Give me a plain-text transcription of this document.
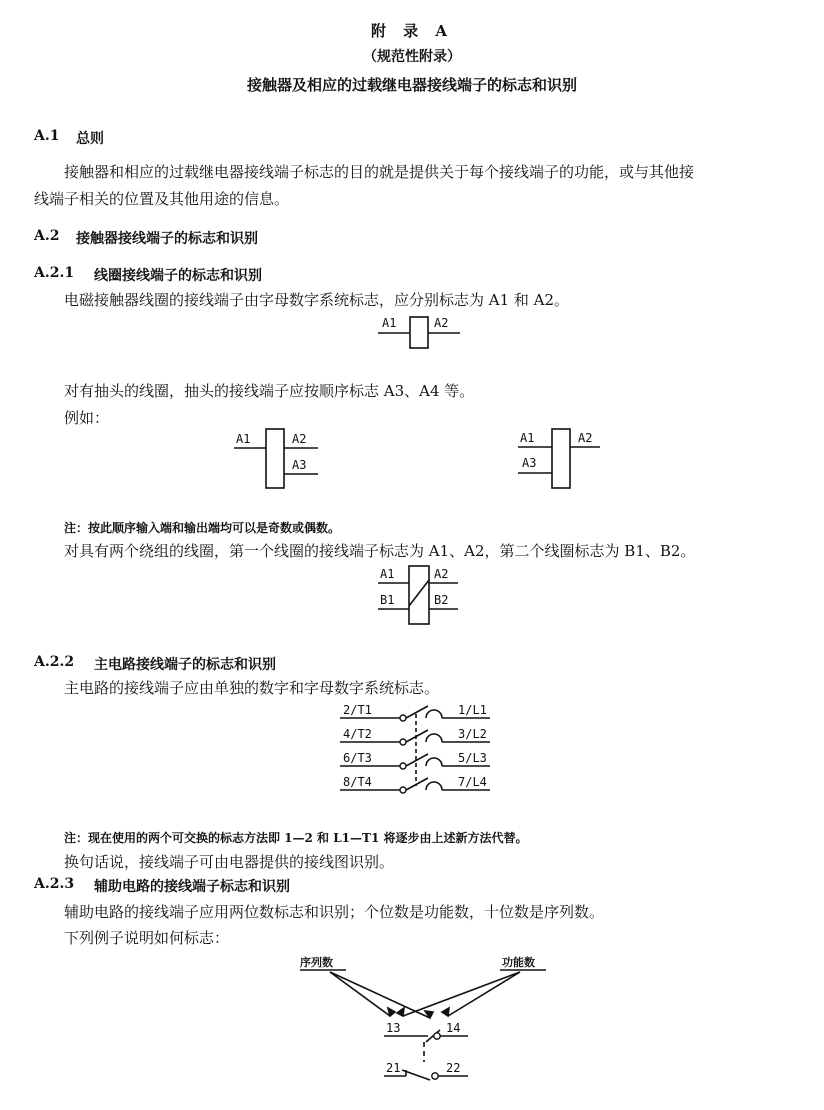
附 录 A
（规范性附录）
接触器及相应的过载继电器接线端子的标志和识别
A.1 总则
接触器和相应的过载继电器接线端子标志的目的就是提供关于每个接线端子的功能，或与其他接
线端子相关的位置及其他用途的信息。
A.2 接触器接线端子的标志和识别
A.2.1 线圈接线端子的标志和识别
电磁接触器线圈的接线端子由字母数字系统标志，应分别标志为 A1 和 A2。
A1	A2
对有抽头的线圈，抽头的接线端子应按顺序标志 A3、A4 等。
例如：
A1	A2
A3
A1
A3
A2
注：按此顺序输入端和输出端均可以是奇数或偶数。
对具有两个绕组的线圈，第一个线圈的接线端子标志为 A1、A2，第二个线圈标志为 B1、B2。
A1	A2
B1	B2
A.2.2 主电路接线端子的标志和识别
主电路的接线端子应由单独的数字和字母数字系统标志。
2/T1	1/L1
4/T2	3/L2
6/T3	5/L3
8/T4	7/L4
注：现在使用的两个可交换的标志方法即 1—2 和 L1—T1 将逐步由上述新方法代替。
换句话说，接线端子可由电器提供的接线图识别。
A.2.3 辅助电路的接线端子标志和识别
辅助电路的接线端子应用两位数标志和识别；个位数是功能数，十位数是序列数。
下列例子说明如何标志：
序列数	功能数
13	14
21	22
